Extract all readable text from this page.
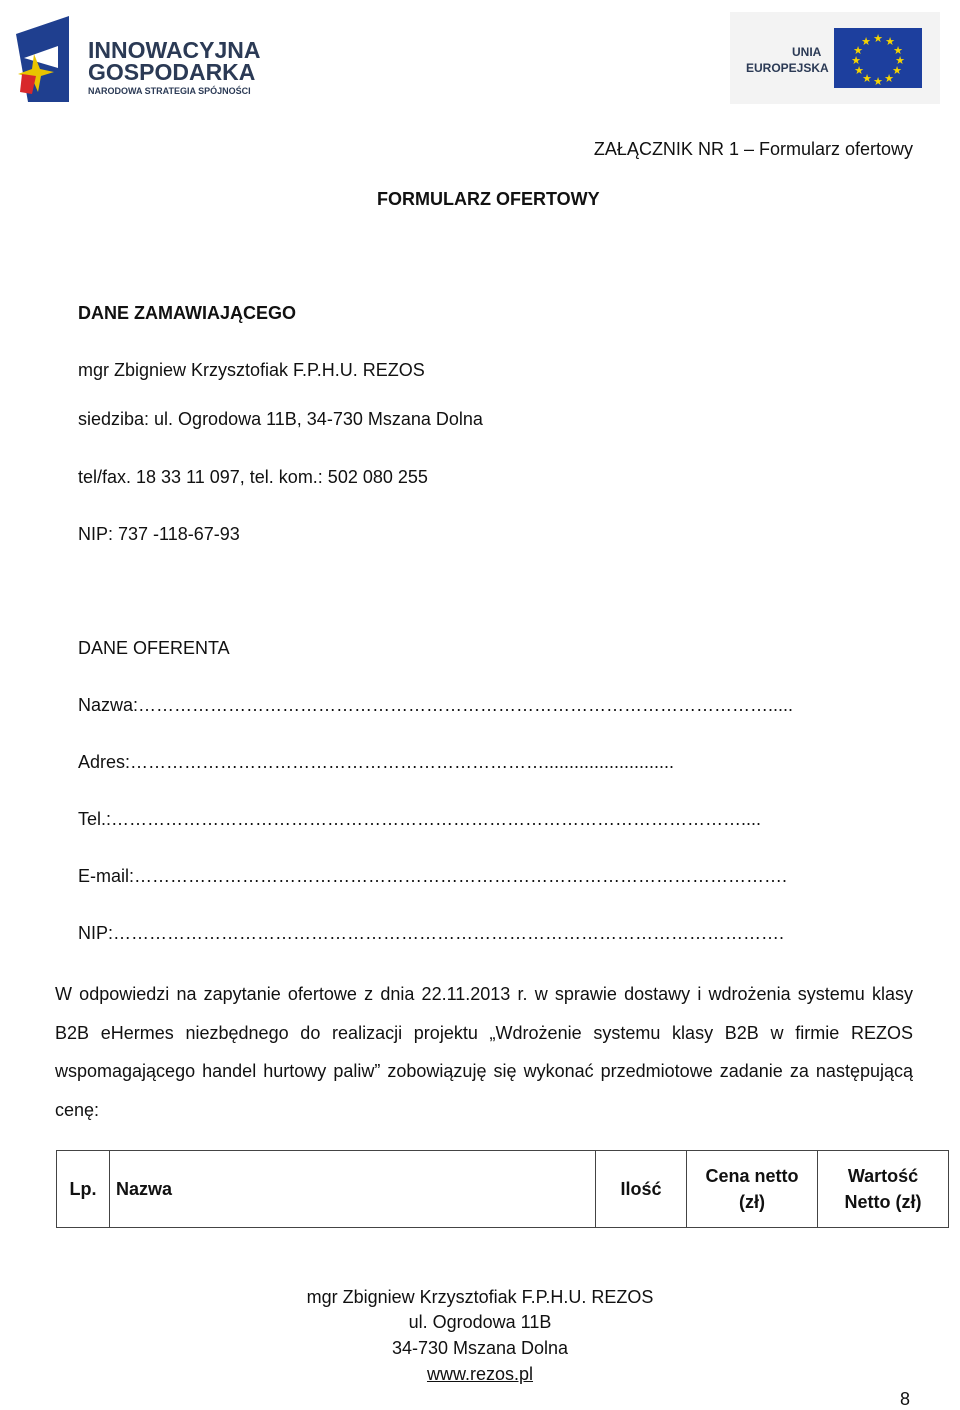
INNOWACYJNA
GOSPODARKA
NARODOWA STRATEGIA SPÓJNOŚCI
UNIA
EUROPEJSKA
★ ★
★
★
★
★
★
★
★
★
★
★
ZAŁĄCZNIK NR 1 – Formularz ofertowy
FORMULARZ OFERTOWY
DANE ZAMAWIAJĄCEGO
mgr Zbigniew Krzysztofiak F.P.H.U. REZOS
siedziba: ul. Ogrodowa 11B, 34-730 Mszana Dolna
tel/fax. 18 33 11 097, tel. kom.: 502 080 255
NIP: 737 -118-67-93
DANE OFERENTA
Nazwa:…………………………………………………………………………………………….....
Adres:……………………………………………………………..........................
Tel.:……………………………………………………………………………………………....
E-mail:……………………………………………………………………………………………….
NIP:………………………………………………………………………………………………….
W odpowiedzi na zapytanie ofertowe z dnia 22.11.2013 r. w sprawie dostawy i wdrożenia systemu klasy B2B eHermes niezbędnego do realizacji projektu „Wdrożenie systemu klasy B2B w firmie REZOS wspomagającego handel hurtowy paliw” zobowiązuję się wykonać przedmiotowe zadanie za następującą cenę:
Lp.	Nazwa	Ilość	Cena netto (zł)	Wartość Netto (zł)
mgr Zbigniew Krzysztofiak F.P.H.U. REZOS
ul. Ogrodowa 11B
34-730 Mszana Dolna
www.rezos.pl
8
